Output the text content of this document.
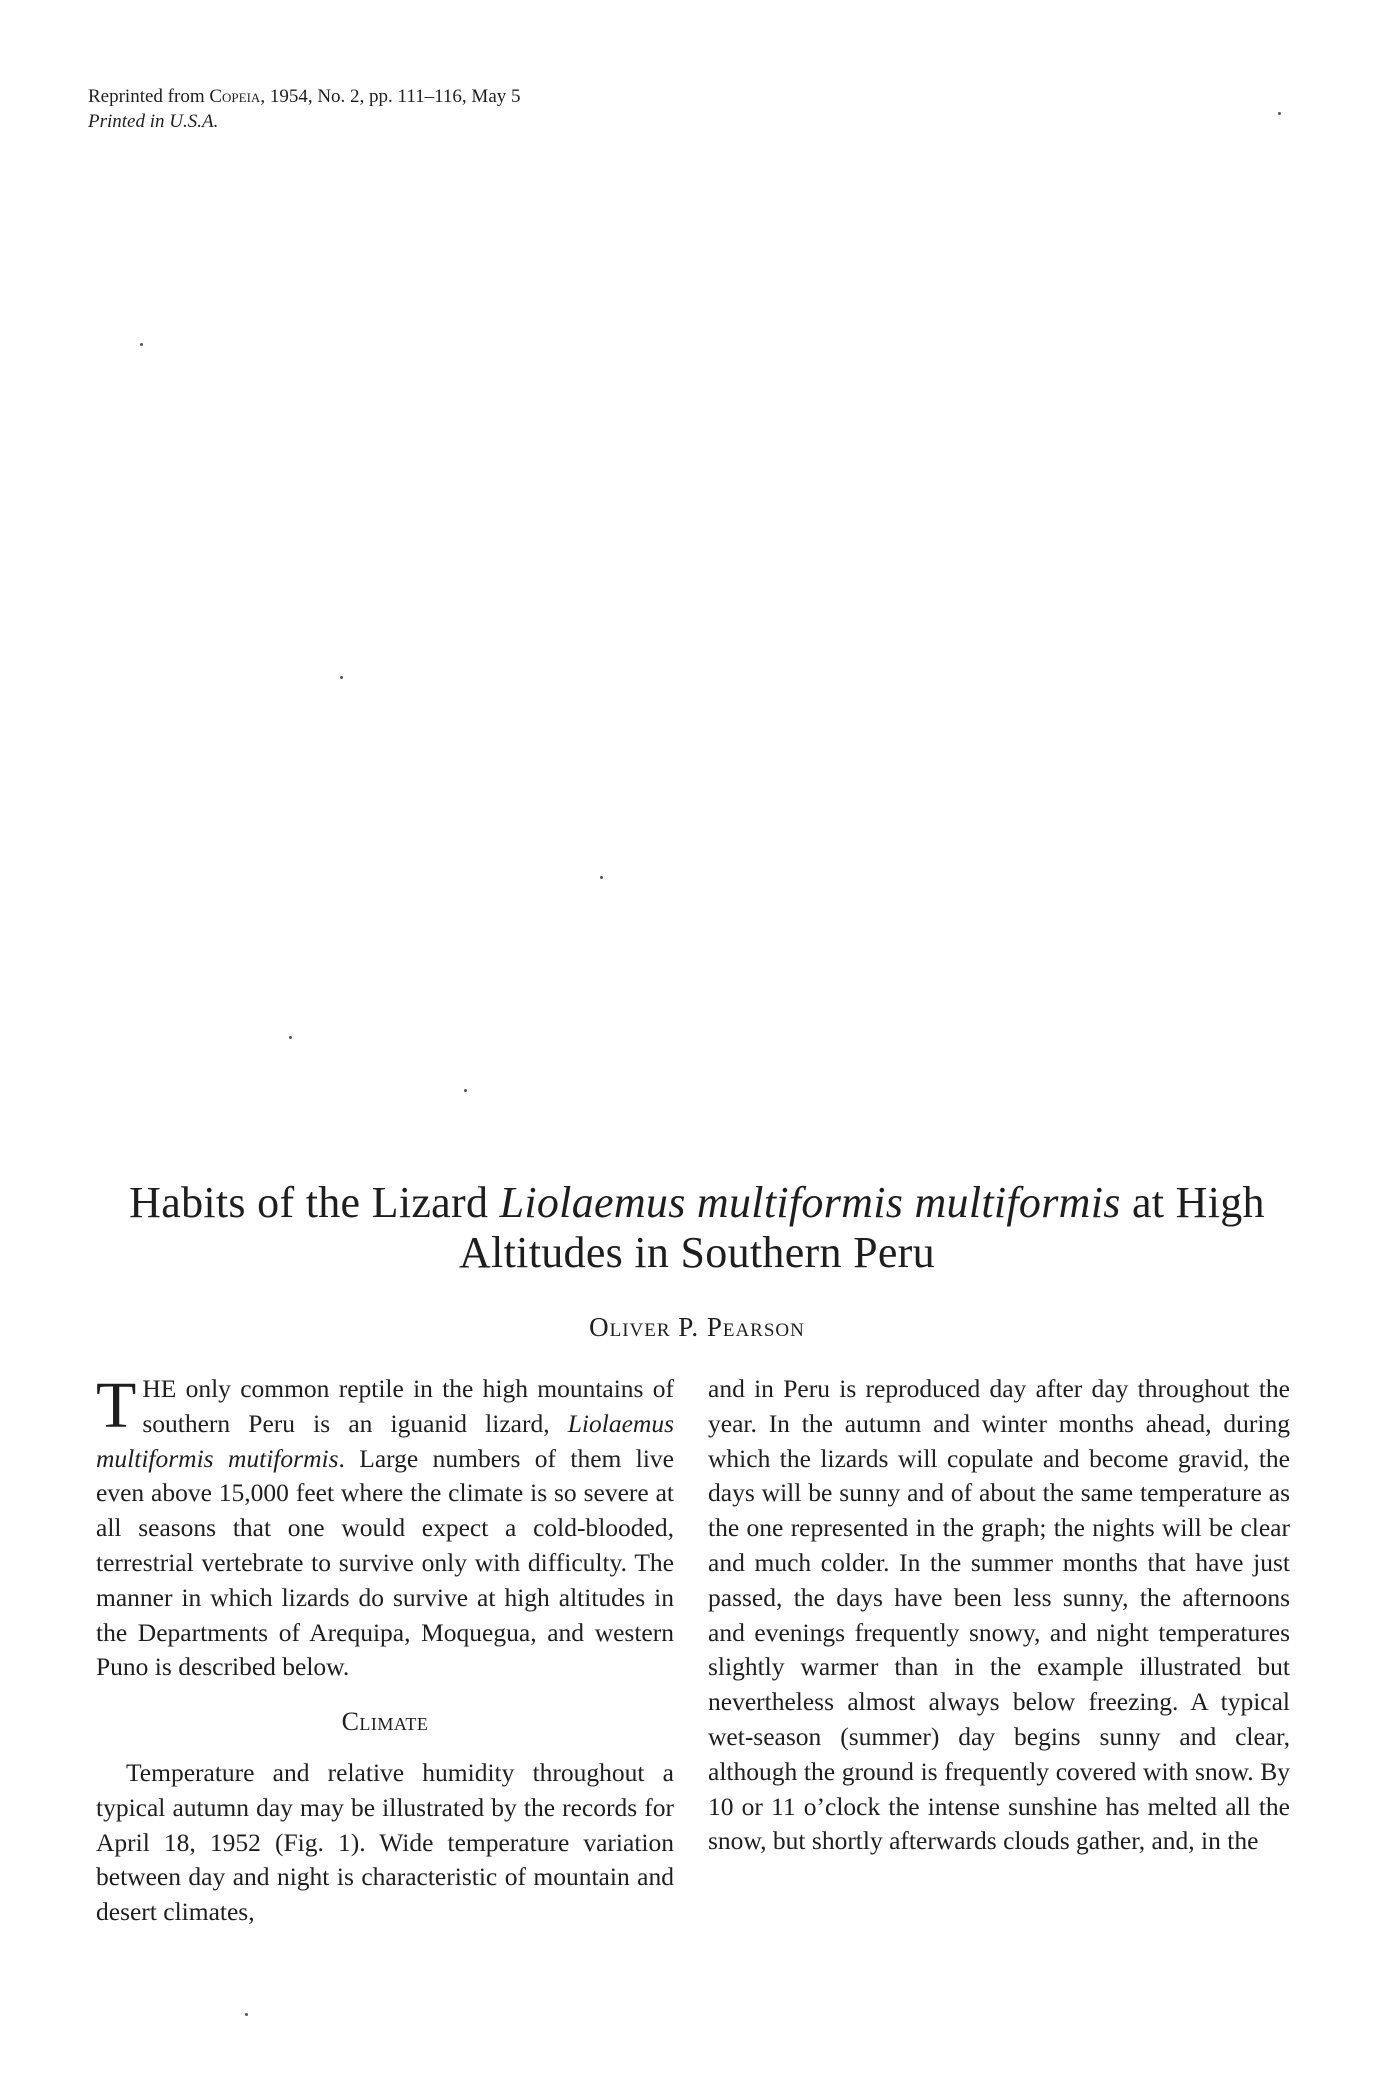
Reprinted from Copeia, 1954, No. 2, pp. 111–116, May 5
Printed in U.S.A.
Habits of the Lizard Liolaemus multiformis multiformis at High
Altitudes in Southern Peru
Oliver P. Pearson

THE only common reptile in the high mountains of southern Peru is an iguanid lizard, Liolaemus multiformis mutiformis. Large numbers of them live even above 15,000 feet where the climate is so severe at all seasons that one would expect a cold-blooded, terrestrial vertebrate to survive only with difficulty. The manner in which lizards do survive at high altitudes in the Departments of Arequipa, Moquegua, and western Puno is described below.

Climate

Temperature and relative humidity throughout a typical autumn day may be illustrated by the records for April 18, 1952 (Fig. 1). Wide temperature variation between day and night is characteristic of mountain and desert climates,

and in Peru is reproduced day after day throughout the year. In the autumn and winter months ahead, during which the lizards will copulate and become gravid, the days will be sunny and of about the same temperature as the one represented in the graph; the nights will be clear and much colder. In the summer months that have just passed, the days have been less sunny, the afternoons and evenings frequently snowy, and night temperatures slightly warmer than in the example illustrated but nevertheless almost always below freezing. A typical wet-season (summer) day begins sunny and clear, although the ground is frequently covered with snow. By 10 or 11 o’clock the intense sunshine has melted all the snow, but shortly afterwards clouds gather, and, in the
